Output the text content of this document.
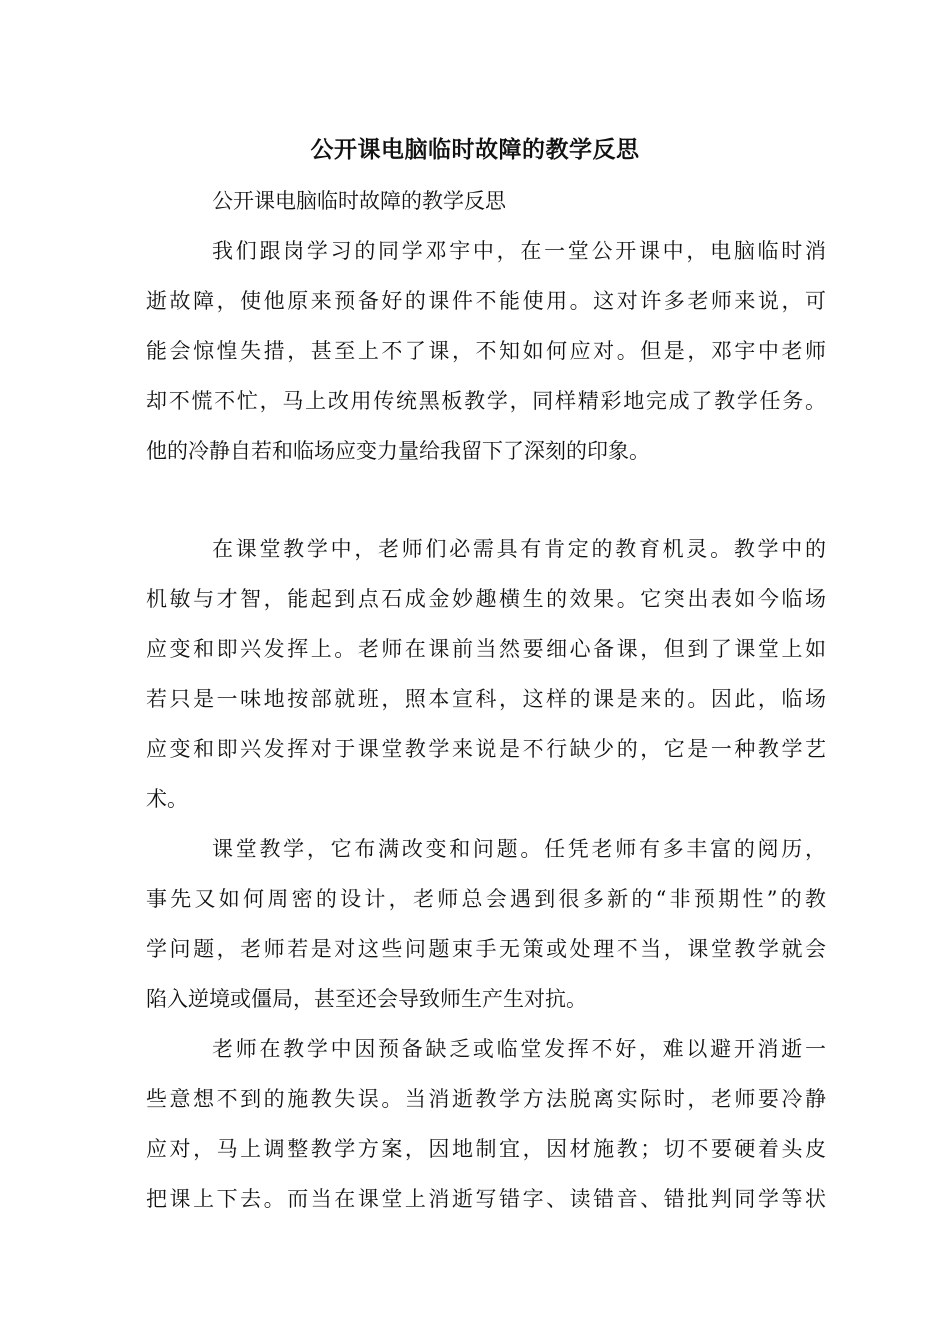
公开课电脑临时故障的教学反思
公开课电脑临时故障的教学反思
我们跟岗学习的同学邓宇中，在一堂公开课中，电脑临时消
逝故障，使他原来预备好的课件不能使用。这对许多老师来说，可
能会惊惶失措，甚至上不了课，不知如何应对。但是，邓宇中老师
却不慌不忙，马上改用传统黑板教学，同样精彩地完成了教学任务。
他的冷静自若和临场应变力量给我留下了深刻的印象。
在课堂教学中，老师们必需具有肯定的教育机灵。教学中的
机敏与才智，能起到点石成金妙趣横生的效果。它突出表如今临场
应变和即兴发挥上。老师在课前当然要细心备课，但到了课堂上如
若只是一味地按部就班，照本宣科，这样的课是来的。因此，临场
应变和即兴发挥对于课堂教学来说是不行缺少的，它是一种教学艺
术。
课堂教学，它布满改变和问题。任凭老师有多丰富的阅历，
事先又如何周密的设计，老师总会遇到很多新的“非预期性”的教
学问题，老师若是对这些问题束手无策或处理不当，课堂教学就会
陷入逆境或僵局，甚至还会导致师生产生对抗。
老师在教学中因预备缺乏或临堂发挥不好，难以避开消逝一
些意想不到的施教失误。当消逝教学方法脱离实际时，老师要冷静
应对，马上调整教学方案，因地制宜，因材施教；切不要硬着头皮
把课上下去。而当在课堂上消逝写错字、读错音、错批判同学等状
